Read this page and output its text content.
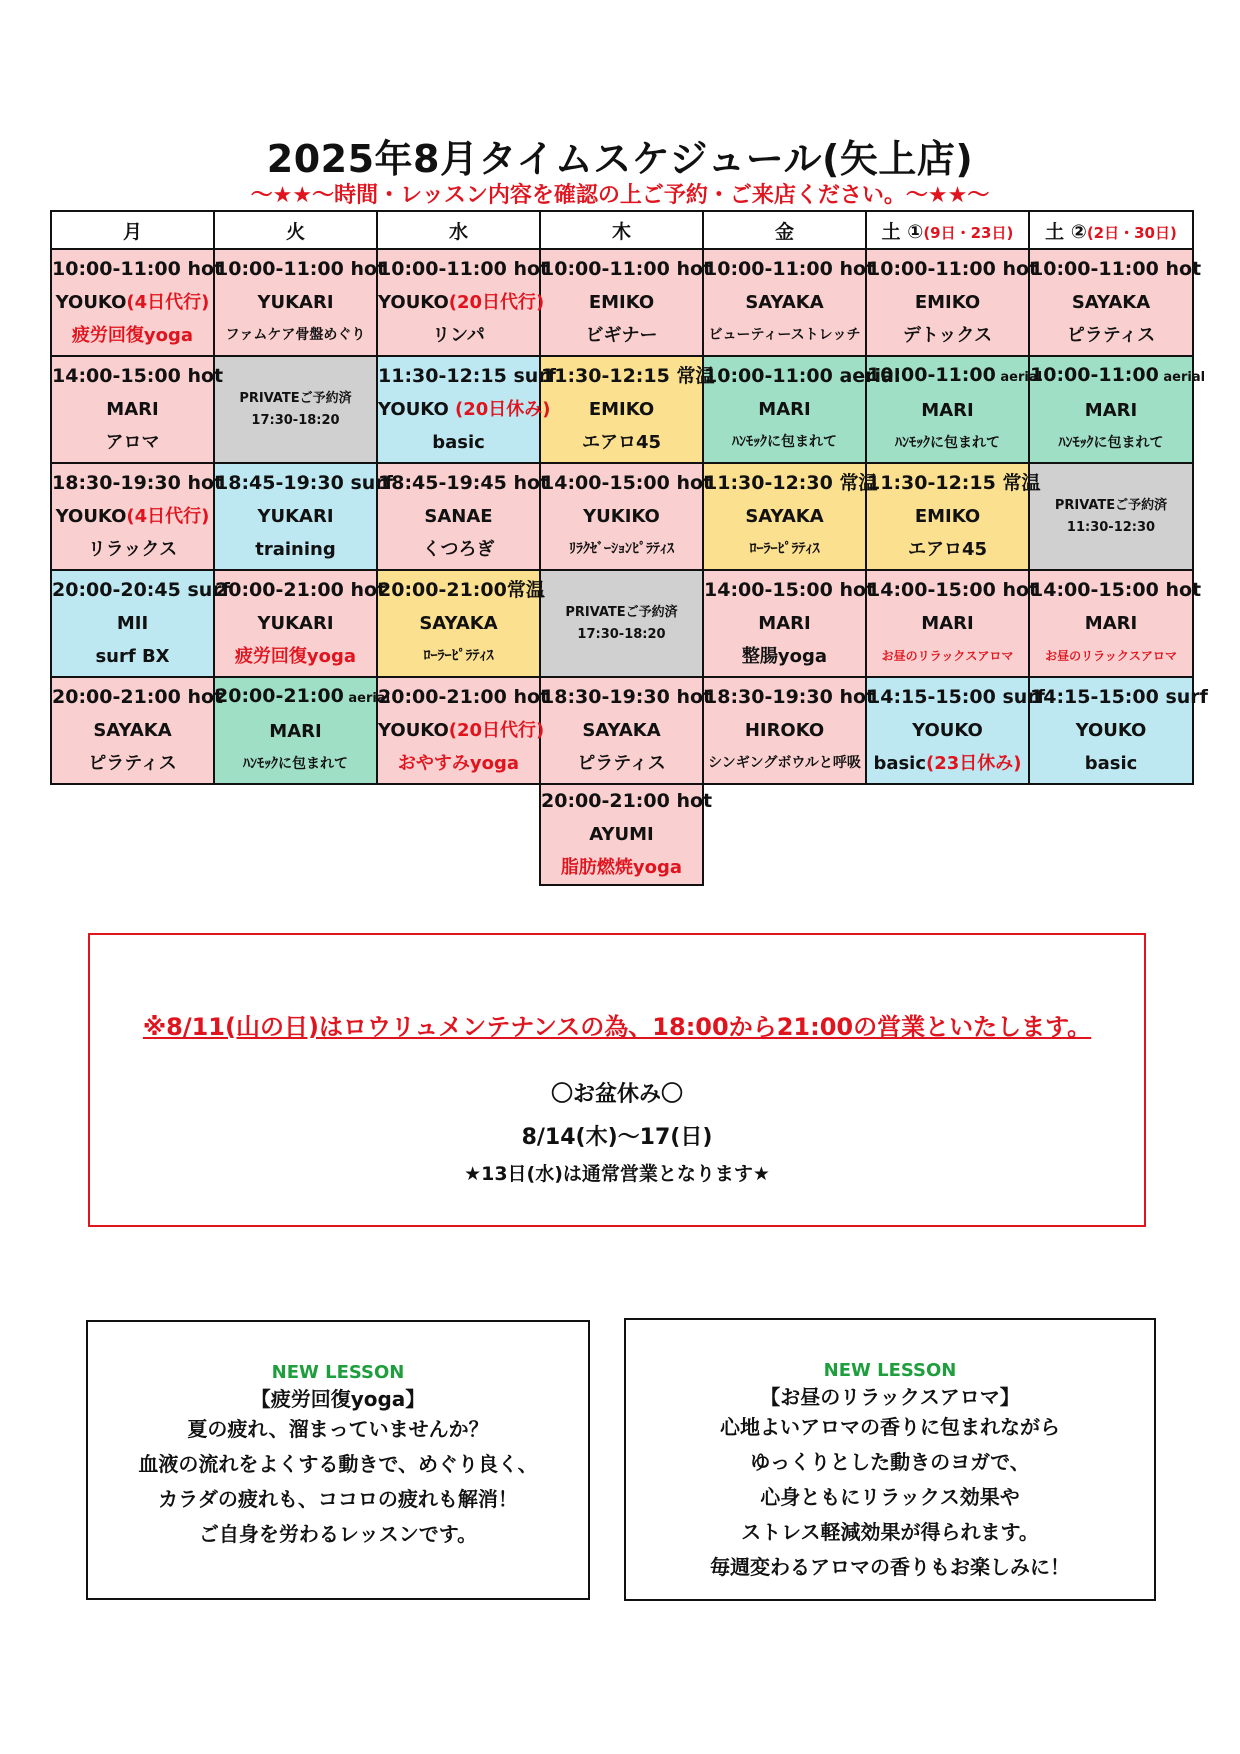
2025年8月タイムスケジュール(矢上店)
～★★～時間・レッスン内容を確認の上ご予約・ご来店ください。～★★～
月	火	水	木	金	土 ①(9日・23日)	土 ②(2日・30日)

10:00-11:00 hot
YOUKO(4日代行)
疲労回復yoga	10:00-11:00 hot
YUKARI
ファムケア骨盤めぐり	10:00-11:00 hot
YOUKO(20日代行)
リンパ	10:00-11:00 hot
EMIKO
ビギナー	10:00-11:00 hot
SAYAKA
ビューティーストレッチ	10:00-11:00 hot
EMIKO
デトックス	10:00-11:00 hot
SAYAKA
ピラティス

14:00-15:00 hot
MARI
アロマ	PRIVATEご予約済
17:30-18:20	11:30-12:15 surf
YOUKO (20日休み)
basic	11:30-12:15 常温
EMIKO
エアロ45	10:00-11:00 aerial
MARI
ﾊﾝﾓｯｸに包まれて	10:00-11:00 aerial
MARI
ﾊﾝﾓｯｸに包まれて	10:00-11:00 aerial
MARI
ﾊﾝﾓｯｸに包まれて

18:30-19:30 hot
YOUKO(4日代行)
リラックス	18:45-19:30 surf
YUKARI
training	18:45-19:45 hot
SANAE
くつろぎ	14:00-15:00 hot
YUKIKO
ﾘﾗｸｾﾞｰｼｮﾝﾋﾟﾗﾃｨｽ	11:30-12:30 常温
SAYAKA
ﾛｰﾗｰﾋﾟﾗﾃｨｽ	11:30-12:15 常温
EMIKO
エアロ45	PRIVATEご予約済
11:30-12:30

20:00-20:45 surf
MII
surf BX	20:00-21:00 hot
YUKARI
疲労回復yoga	20:00-21:00常温
SAYAKA
ﾛｰﾗｰﾋﾟﾗﾃｨｽ	PRIVATEご予約済
17:30-18:20	14:00-15:00 hot
MARI
整腸yoga	14:00-15:00 hot
MARI
お昼のリラックスアロマ	14:00-15:00 hot
MARI
お昼のリラックスアロマ

20:00-21:00 hot
SAYAKA
ピラティス	20:00-21:00 aerial
MARI
ﾊﾝﾓｯｸに包まれて	20:00-21:00 hot
YOUKO(20日代行)
おやすみyoga	18:30-19:30 hot
SAYAKA
ピラティス	18:30-19:30 hot
HIROKO
シンギングボウルと呼吸	14:15-15:00 surf
YOUKO
basic(23日休み)	14:15-15:00 surf
YOUKO
basic

			20:00-21:00 hot
AYUMI
脂肪燃焼yoga			

※8/11(山の日)はロウリュメンテナンスの為、18:00から21:00の営業といたします。
〇お盆休み〇
8/14(木)～17(日)
★13日(水)は通常営業となります★
NEW LESSON
【疲労回復yoga】
夏の疲れ、溜まっていませんか？
血液の流れをよくする動きで、めぐり良く、
カラダの疲れも、ココロの疲れも解消！
ご自身を労わるレッスンです。
NEW LESSON
【お昼のリラックスアロマ】
心地よいアロマの香りに包まれながら
ゆっくりとした動きのヨガで、
心身ともにリラックス効果や
ストレス軽減効果が得られます。
毎週変わるアロマの香りもお楽しみに！
